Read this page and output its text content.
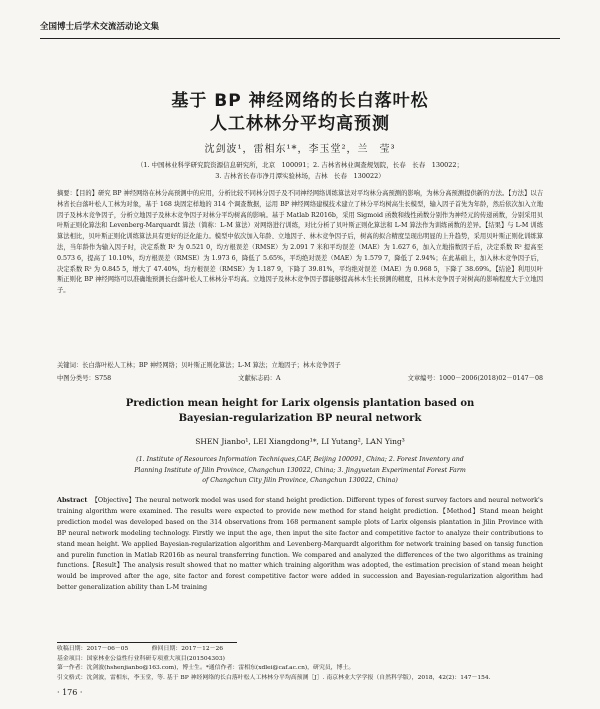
全国博士后学术交流活动论文集
基于 BP 神经网络的长白落叶松
人工林林分平均高预测
沈剑波¹，雷相东¹*，李玉堂²，兰　莹³
（1. 中国林业科学研究院资源信息研究所，北京　100091；2. 吉林省林业调查规划院，长春　长春　130022；
3. 吉林省长春市净月潭实验林场，吉林　长春　130022）

摘要：【目的】研究 BP 神经网络在林分高预测中的应用，分析比较不同林分因子及不同神经网络训练算法对平均林分高预测的影响，为林分高预测提供新的方法。【方法】以吉林省长白落叶松人工林为对象，基于 168 块固定样地的 314 个调查数据，运用 BP 神经网络建模技术建立了林分平均树高生长模型，输入因子首先为年龄，然后依次加入立地因子及林木竞争因子，分析立地因子及林木竞争因子对林分平均树高的影响。基于 Matlab R2016b，采用 Sigmoid 函数和线性函数分别作为神经元的传递函数，分别采用贝叶斯正则化算法和 Levenberg-Marquardt 算法（简称：L-M 算法）对网络进行训练，对比分析了贝叶斯正则化算法和 L-M 算法作为训练函数的差异。【结果】与 L-M 训练算法相比，贝叶斯正则化训练算法具有更好的泛化能力。模型中依次加入年龄、立地因子、林木竞争因子后，树高的拟合精度呈现出明显的上升趋势，采用贝叶斯正则化训练算法，当年龄作为输入因子时，决定系数 R² 为 0.521 0，均方根误差（RMSE）为 2.091 7 米和平均误差（MAE）为 1.627 6，加入立地指数因子后，决定系数 R² 提高至 0.573 6，提高了 10.10%，均方根误差（RMSE）为 1.973 6，降低了 5.65%，平均绝对误差（MAE）为 1.579 7，降低了 2.94%；在此基础上，加入林木竞争因子后，决定系数 R² 为 0.845 5，增大了 47.40%，均方根误差（RMSE）为 1.187 9，下降了 39.81%，平均绝对误差（MAE）为 0.968 5，下降了 38.69%。【结论】利用贝叶斯正则化 BP 神经网络可以准确地预测长白落叶松人工林林分平均高。立地因子及林木竞争因子都能够提高林木生长预测的精度，且林木竞争因子对树高的影响程度大于立地因子。

关键词：长白落叶松人工林；BP 神经网络；贝叶斯正则化算法；L-M 算法；立地因子；林木竞争因子
中图分类号：S758	文献标志码：A	文章编号：1000－2006(2018)02－0147－08
Prediction mean height for Larix olgensis plantation based on
Bayesian-regularization BP neural network
SHEN Jianbo¹, LEI Xiangdong¹*, LI Yutang², LAN Ying³
(1. Institute of Resources Information Techniques,CAF, Beijing 100091, China; 2. Forest Inventory and
Planning Institute of Jilin Province, Changchun 130022, China; 3. Jingyuetan Experimental Forest Farm
of Changchun City Jilin Province, Changchun 130022, China)

Abstract 【Objective】The neural network model was used for stand height prediction. Different types of forest survey factors and neural network's training algorithm were examined. The results were expected to provide new method for stand height prediction.【Method】Stand mean height prediction model was developed based on the 314 observations from 168 permanent sample plots of Larix olgensis plantation in Jilin Province with BP neural network modeling technology. Firstly we input the age, then input the site factor and competitive factor to analyze their contributions to stand mean height. We applied Bayesian-regularization algorithm and Levenberg-Marquardt algorithm for network training based on tansig function and purelin function in Matlab R2016b as neural transferring function. We compared and analyzed the differences of the two algorithms as training functions.【Result】The analysis result showed that no matter which training algorithm was adopted, the estimation precision of stand mean height would be improved after the age, site factor and forest competitive factor were added in succession and Bayesian-regularization algorithm had better generalization ability than L-M training

收稿日期：2017－06－05　　　　修回日期：2017－12－26

基金项目：国家林业公益性行业科研专项重大项目(201504303)

第一作者：沈剑波(hshenjianbo@163.com)，博士生。*通信作者：雷相东(xdlei@caf.ac.cn)，研究员，博士。

引文格式：沈剑波，雷相东，李玉堂，等. 基于 BP 神经网络的长白落叶松人工林林分平均高预测［J］. 南京林业大学学报（自然科学版），2018，42(2)：147－154.

· 176 ·
